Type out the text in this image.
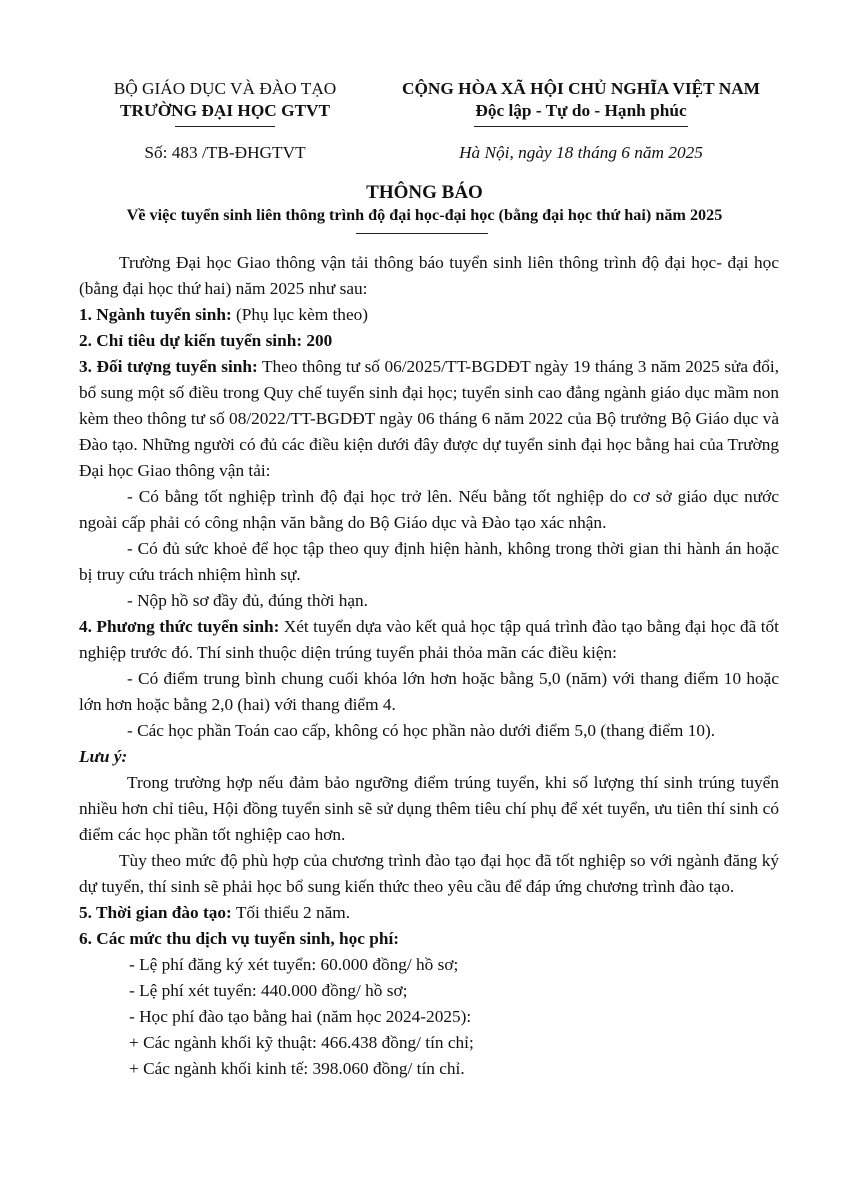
BỘ GIÁO DỤC VÀ ĐÀO TẠO
TRƯỜNG ĐẠI HỌC GTVT
CỘNG HÒA XÃ HỘI CHỦ NGHĨA VIỆT NAM
Độc lập - Tự do - Hạnh phúc
Số: 483 /TB-ĐHGTVT	Hà Nội, ngày 18 tháng 6 năm 2025
THÔNG BÁO
Về việc tuyển sinh liên thông trình độ đại học-đại học (bằng đại học thứ hai) năm 2025

Trường Đại học Giao thông vận tải thông báo tuyển sinh liên thông trình độ đại học- đại học (bằng đại học thứ hai) năm 2025 như sau:

1. Ngành tuyển sinh: (Phụ lục kèm theo)

2. Chỉ tiêu dự kiến tuyển sinh: 200

3. Đối tượng tuyển sinh: Theo thông tư số 06/2025/TT-BGDĐT ngày 19 tháng 3 năm 2025 sửa đổi, bổ sung một số điều trong Quy chế tuyển sinh đại học; tuyển sinh cao đẳng ngành giáo dục mầm non kèm theo thông tư số 08/2022/TT-BGDĐT ngày 06 tháng 6 năm 2022 của Bộ trưởng Bộ Giáo dục và Đào tạo. Những người có đủ các điều kiện dưới đây được dự tuyển sinh đại học bằng hai của Trường Đại học Giao thông vận tải:

- Có bằng tốt nghiệp trình độ đại học trở lên. Nếu bằng tốt nghiệp do cơ sở giáo dục nước ngoài cấp phải có công nhận văn bằng do Bộ Giáo dục và Đào tạo xác nhận.

- Có đủ sức khoẻ để học tập theo quy định hiện hành, không trong thời gian thi hành án hoặc bị truy cứu trách nhiệm hình sự.

- Nộp hồ sơ đầy đủ, đúng thời hạn.

4. Phương thức tuyển sinh: Xét tuyển dựa vào kết quả học tập quá trình đào tạo bằng đại học đã tốt nghiệp trước đó. Thí sinh thuộc diện trúng tuyển phải thỏa mãn các điều kiện:

- Có điểm trung bình chung cuối khóa lớn hơn hoặc bằng 5,0 (năm) với thang điểm 10 hoặc lớn hơn hoặc bằng 2,0 (hai) với thang điểm 4.

- Các học phần Toán cao cấp, không có học phần nào dưới điểm 5,0 (thang điểm 10).

Lưu ý:

Trong trường hợp nếu đảm bảo ngưỡng điểm trúng tuyển, khi số lượng thí sinh trúng tuyển nhiều hơn chỉ tiêu, Hội đồng tuyển sinh sẽ sử dụng thêm tiêu chí phụ để xét tuyển, ưu tiên thí sinh có điểm các học phần tốt nghiệp cao hơn.

Tùy theo mức độ phù hợp của chương trình đào tạo đại học đã tốt nghiệp so với ngành đăng ký dự tuyển, thí sinh sẽ phải học bổ sung kiến thức theo yêu cầu để đáp ứng chương trình đào tạo.

5. Thời gian đào tạo: Tối thiểu 2 năm.

6. Các mức thu dịch vụ tuyển sinh, học phí:

- Lệ phí đăng ký xét tuyển: 60.000 đồng/ hồ sơ;

- Lệ phí xét tuyển: 440.000 đồng/ hồ sơ;

- Học phí đào tạo bằng hai (năm học 2024-2025):

+ Các ngành khối kỹ thuật: 466.438 đồng/ tín chỉ;

+ Các ngành khối kinh tế: 398.060 đồng/ tín chỉ.
